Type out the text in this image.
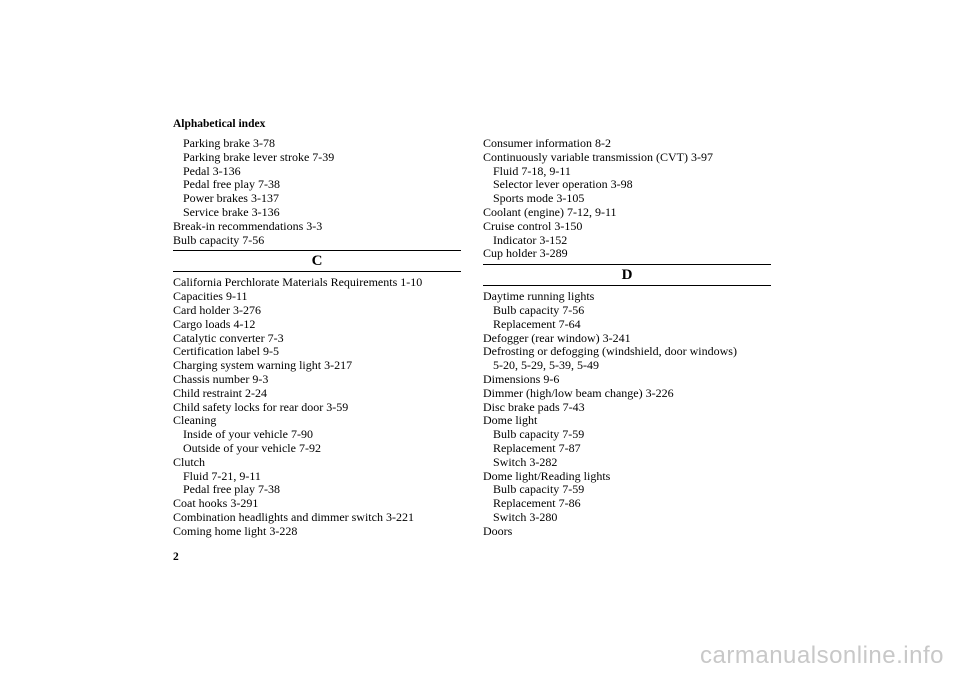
Alphabetical index
Parking brake 3-78
Parking brake lever stroke 7-39
Pedal 3-136
Pedal free play 7-38
Power brakes 3-137
Service brake 3-136
Break-in recommendations 3-3
Bulb capacity 7-56
C
California Perchlorate Materials Requirements 1-10
Capacities 9-11
Card holder 3-276
Cargo loads 4-12
Catalytic converter 7-3
Certification label 9-5
Charging system warning light 3-217
Chassis number 9-3
Child restraint 2-24
Child safety locks for rear door 3-59
Cleaning
Inside of your vehicle 7-90
Outside of your vehicle 7-92
Clutch
Fluid 7-21, 9-11
Pedal free play 7-38
Coat hooks 3-291
Combination headlights and dimmer switch 3-221
Coming home light 3-228
Consumer information 8-2
Continuously variable transmission (CVT) 3-97
Fluid 7-18, 9-11
Selector lever operation 3-98
Sports mode 3-105
Coolant (engine) 7-12, 9-11
Cruise control 3-150
Indicator 3-152
Cup holder 3-289
D
Daytime running lights
Bulb capacity 7-56
Replacement 7-64
Defogger (rear window) 3-241
Defrosting or defogging (windshield, door windows)
5-20, 5-29, 5-39, 5-49
Dimensions 9-6
Dimmer (high/low beam change) 3-226
Disc brake pads 7-43
Dome light
Bulb capacity 7-59
Replacement 7-87
Switch 3-282
Dome light/Reading lights
Bulb capacity 7-59
Replacement 7-86
Switch 3-280
Doors
2
carmanualsonline.info
